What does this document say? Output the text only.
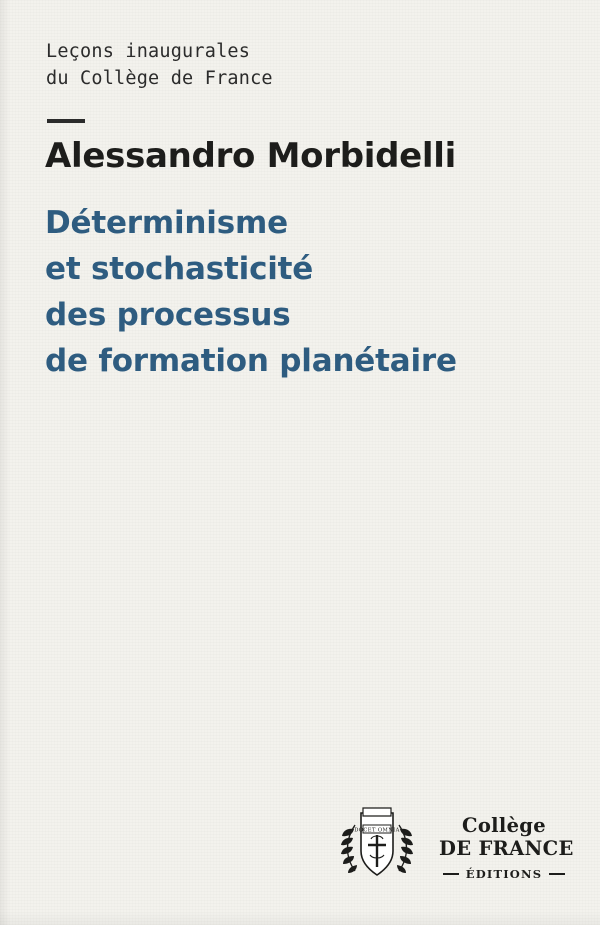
Leçons inaugurales
du Collège de France
Alessandro Morbidelli
Déterminisme
et stochasticité
des processus
de formation planétaire
DOCET OMNIA	Collège
DE FRANCE
ÉDITIONS
